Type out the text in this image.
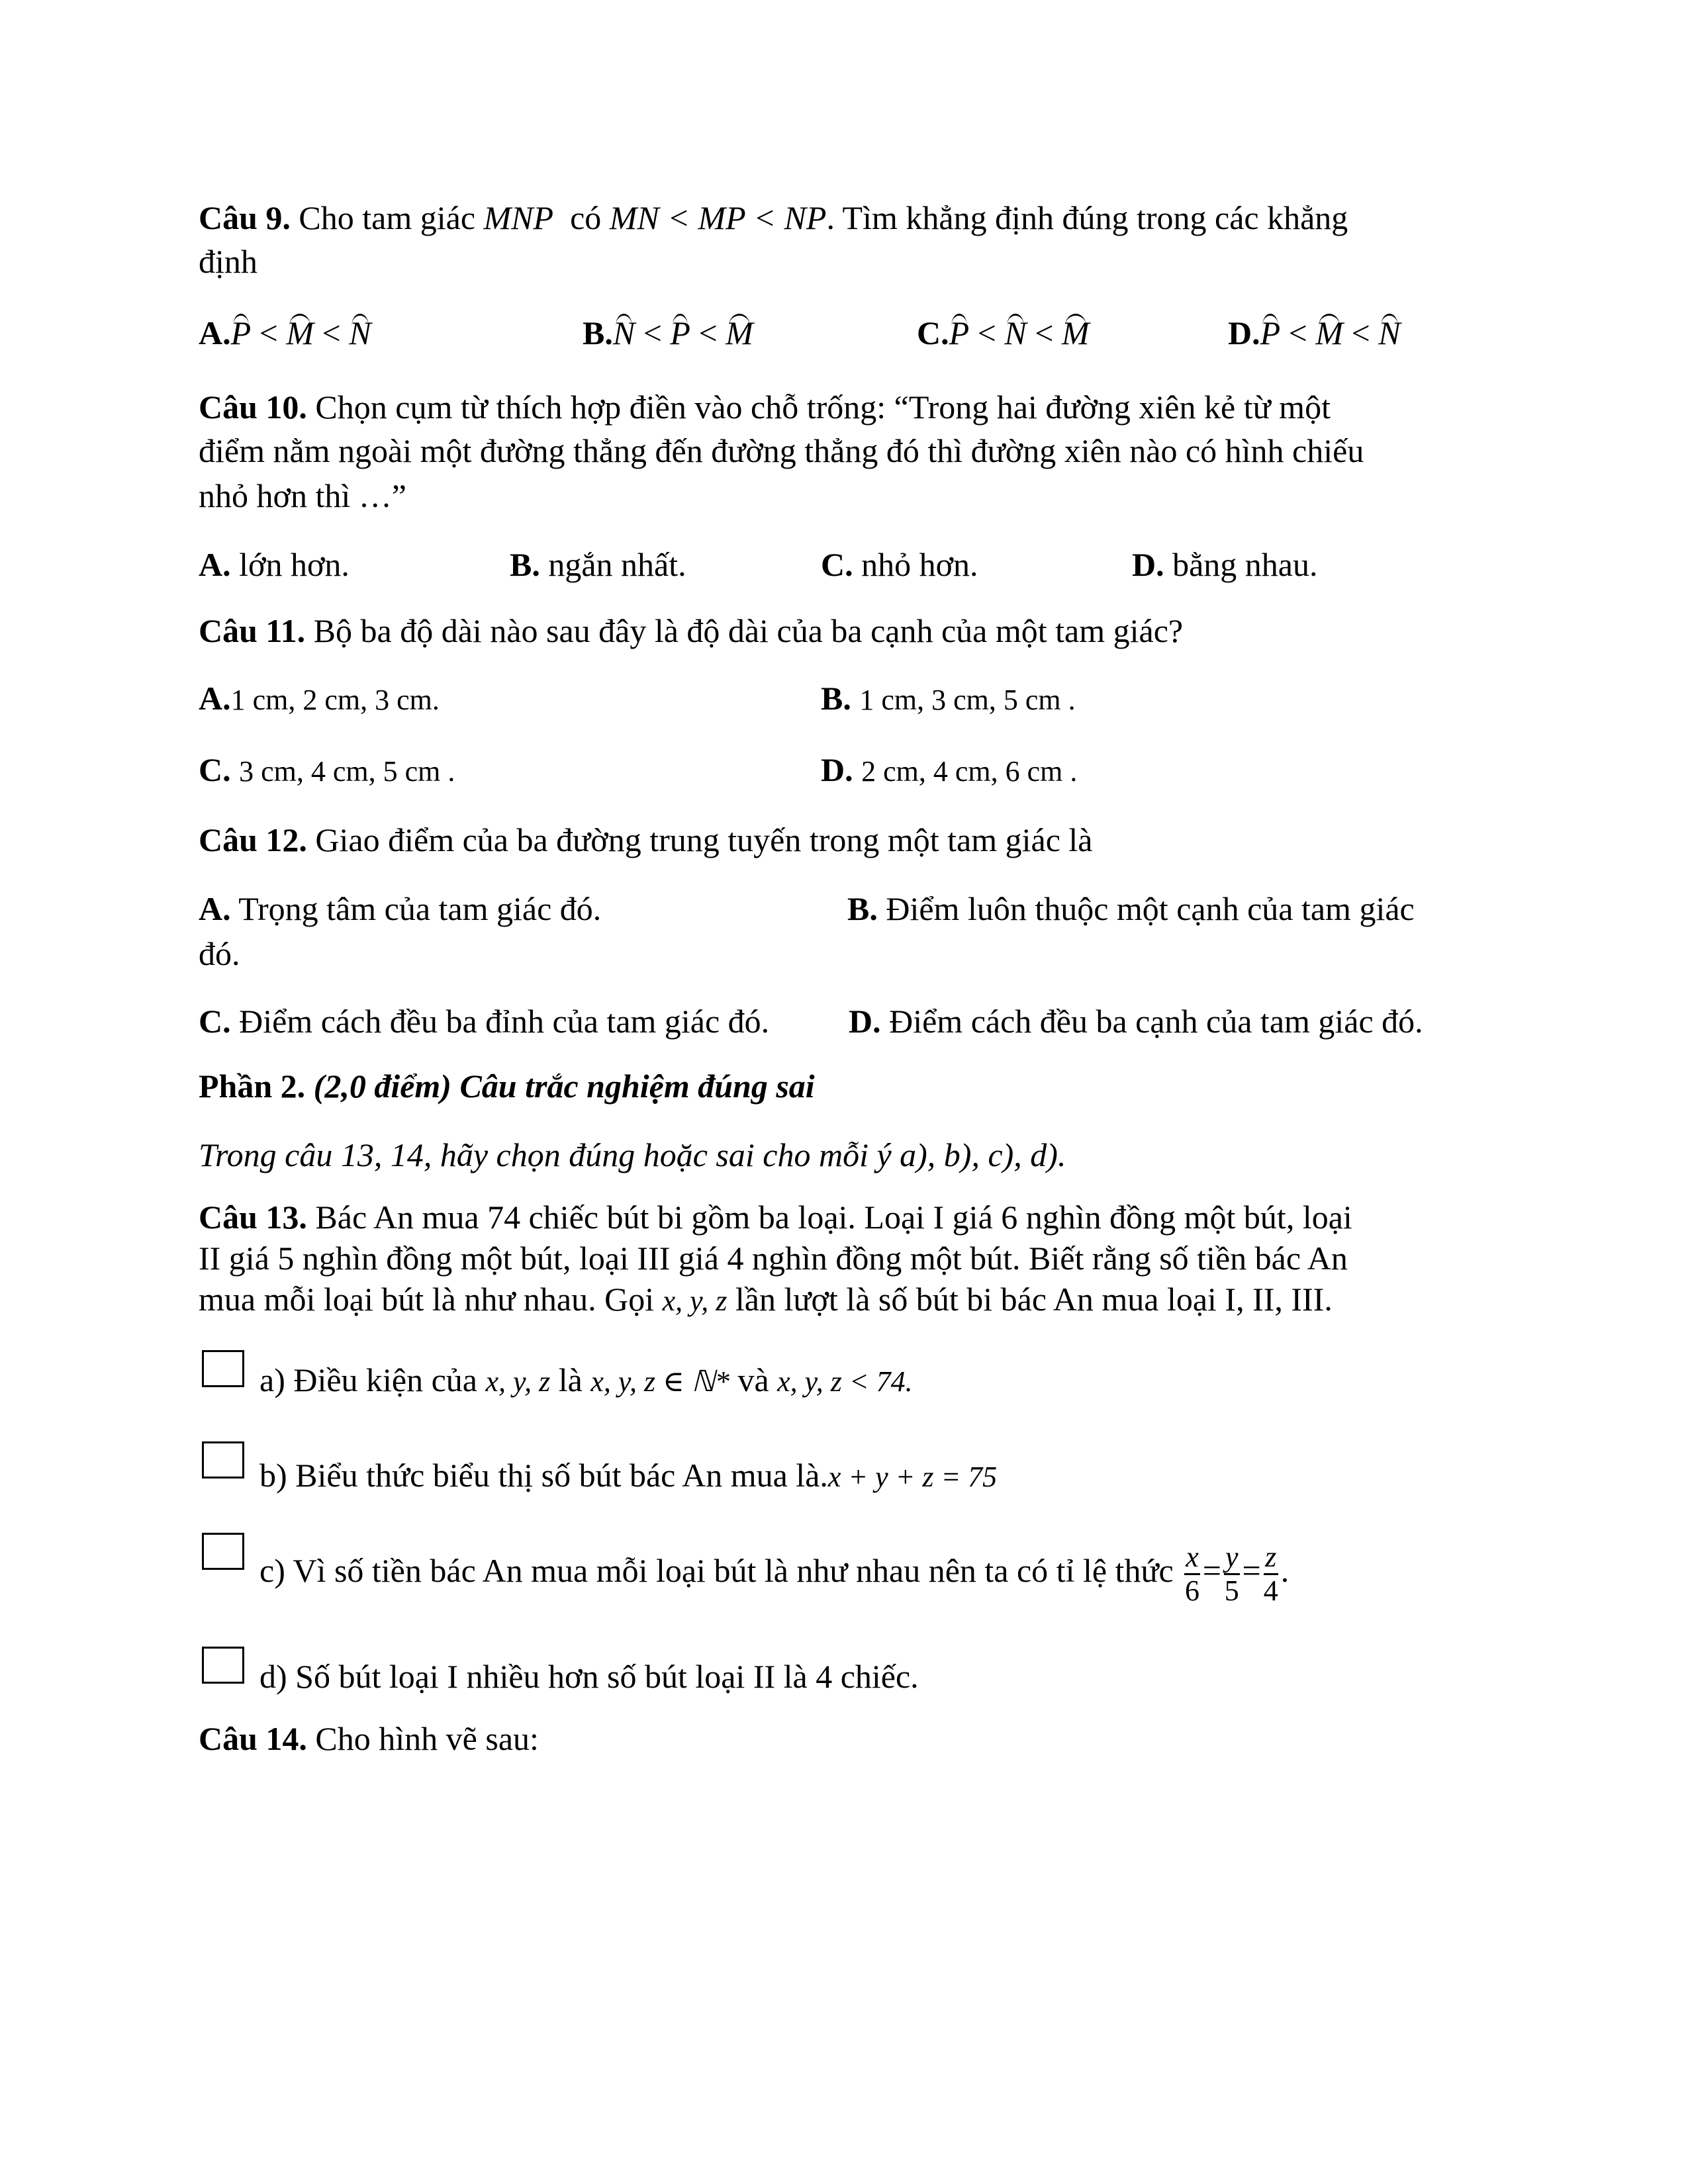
Câu 9. Cho tam giác MNP có MN < MP < NP. Tìm khẳng định đúng trong các khẳng
định
A.P < M < N	B.N < P < M	C.P < N < M	D.P < M < N
Câu 10. Chọn cụm từ thích hợp điền vào chỗ trống: “Trong hai đường xiên kẻ từ một
điểm nằm ngoài một đường thẳng đến đường thẳng đó thì đường xiên nào có hình chiếu
nhỏ hơn thì …”
A. lớn hơn.	B. ngắn nhất.	C. nhỏ hơn.	D. bằng nhau.
Câu 11. Bộ ba độ dài nào sau đây là độ dài của ba cạnh của một tam giác?
A.1 cm, 2 cm, 3 cm.	B. 1 cm, 3 cm, 5 cm .
C. 3 cm, 4 cm, 5 cm .	D. 2 cm, 4 cm, 6 cm .
Câu 12. Giao điểm của ba đường trung tuyến trong một tam giác là
A. Trọng tâm của tam giác đó.	B. Điểm luôn thuộc một cạnh của tam giác
đó.
C. Điểm cách đều ba đỉnh của tam giác đó. D. Điểm cách đều ba cạnh của tam giác đó.
Phần 2. (2,0 điểm) Câu trắc nghiệm đúng sai
Trong câu 13, 14, hãy chọn đúng hoặc sai cho mỗi ý a), b), c), d).
Câu 13. Bác An mua 74 chiếc bút bi gồm ba loại. Loại I giá 6 nghìn đồng một bút, loại
II giá 5 nghìn đồng một bút, loại III giá 4 nghìn đồng một bút. Biết rằng số tiền bác An
mua mỗi loại bút là như nhau. Gọi x, y, z lần lượt là số bút bi bác An mua loại I, II, III.
a) Điều kiện của x, y, z là x, y, z ∈ ℕ* và x, y, z < 74.
b) Biểu thức biểu thị số bút bác An mua là.x + y + z = 75
c) Vì số tiền bác An mua mỗi loại bút là như nhau nên ta có tỉ lệ thức $\frac{x}{6} = \frac{y}{5} = \frac{z}{4}$ .
d) Số bút loại I nhiều hơn số bút loại II là 4 chiếc.
Câu 14. Cho hình vẽ sau:
